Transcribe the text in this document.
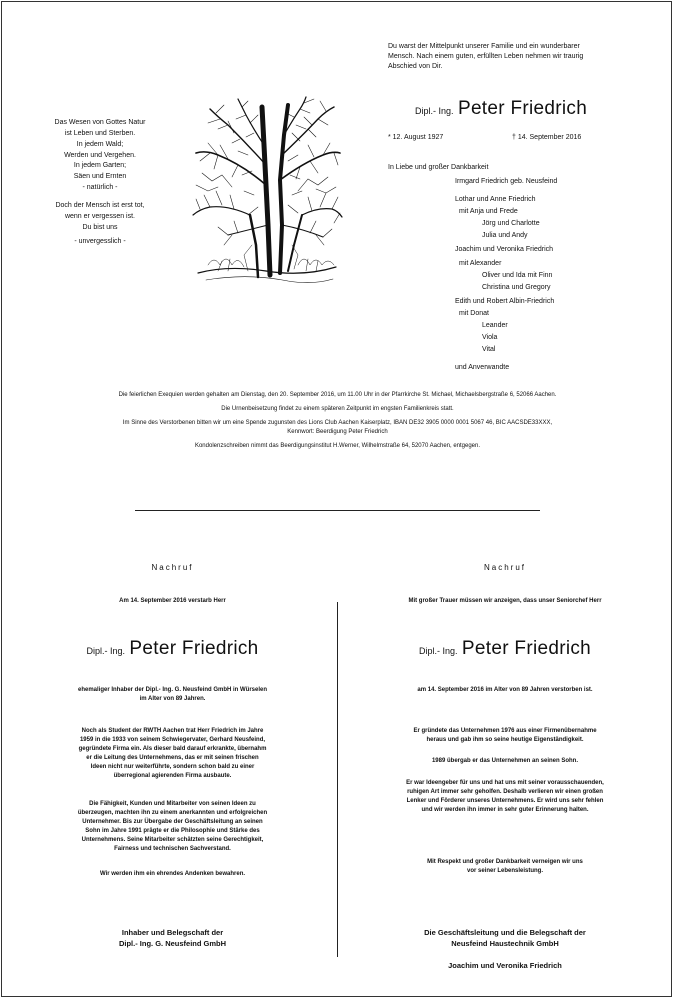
Du warst der Mittelpunkt unserer Familie und ein wunderbarer
Mensch. Nach einem guten, erfüllten Leben nehmen wir traurig
Abschied von Dir.
Das Wesen von Gottes Natur
ist Leben und Sterben.
In jedem Wald;
Werden und Vergehen.
In jedem Garten;
Säen und Ernten
- natürlich -
Doch der Mensch ist erst tot,
wenn er vergessen ist.
Du bist uns
- unvergesslich -
Dipl.- Ing. Peter Friedrich
* 12. August 1927	† 14. September 2016
In Liebe und großer Dankbarkeit
Irmgard Friedrich geb. Neusfeind
Lothar und Anne Friedrich
mit Anja und Frede
Jörg und Charlotte
Julia und Andy
Joachim und Veronika Friedrich
mit Alexander
Oliver und Ida mit Finn
Christina und Gregory
Edith und Robert Albin-Friedrich
mit Donat
Leander
Viola
Vital
und Anverwandte
Die feierlichen Exequien werden gehalten am Dienstag, den 20. September 2016, um 11.00 Uhr in der Pfarrkirche St. Michael, Michaelsbergstraße 6, 52066 Aachen.
Die Urnenbeisetzung findet zu einem späteren Zeitpunkt im engsten Familienkreis statt.
Im Sinne des Verstorbenen bitten wir um eine Spende zugunsten des Lions Club Aachen Kaiserplatz, IBAN DE32 3905 0000 0001 5067 46, BIC AACSDE33XXX,
Kennwort: Beerdigung Peter Friedrich
Kondolenzschreiben nimmt das Beerdigungsinstitut H.Werner, Wilhelmstraße 64, 52070 Aachen, entgegen.
Nachruf
Am 14. September 2016 verstarb Herr
Dipl.- Ing. Peter Friedrich
ehemaliger Inhaber der Dipl.- Ing. G. Neusfeind GmbH in Würselen
im Alter von 89 Jahren.
Noch als Student der RWTH Aachen trat Herr Friedrich im Jahre
1959 in die 1933 von seinem Schwiegervater, Gerhard Neusfeind,
gegründete Firma ein. Als dieser bald darauf erkrankte, übernahm
er die Leitung des Unternehmens, das er mit seinen frischen
Ideen nicht nur weiterführte, sondern schon bald zu einer
überregional agierenden Firma ausbaute.
Die Fähigkeit, Kunden und Mitarbeiter von seinen Ideen zu
überzeugen, machten ihn zu einem anerkannten und erfolgreichen
Unternehmer. Bis zur Übergabe der Geschäftsleitung an seinen
Sohn im Jahre 1991 prägte er die Philosophie und Stärke des
Unternehmens. Seine Mitarbeiter schätzten seine Gerechtigkeit,
Fairness und technischen Sachverstand.
Wir werden ihm ein ehrendes Andenken bewahren.
Inhaber und Belegschaft der
Dipl.- Ing. G. Neusfeind GmbH
Nachruf
Mit großer Trauer müssen wir anzeigen, dass unser Seniorchef Herr
Dipl.- Ing. Peter Friedrich
am 14. September 2016 im Alter von 89 Jahren verstorben ist.
Er gründete das Unternehmen 1976 aus einer Firmenübernahme
heraus und gab ihm so seine heutige Eigenständigkeit.
1989 übergab er das Unternehmen an seinen Sohn.
Er war Ideengeber für uns und hat uns mit seiner vorausschauenden,
ruhigen Art immer sehr geholfen. Deshalb verlieren wir einen großen
Lenker und Förderer unseres Unternehmens. Er wird uns sehr fehlen
und wir werden ihn immer in sehr guter Erinnerung halten.
Mit Respekt und großer Dankbarkeit verneigen wir uns
vor seiner Lebensleistung.
Die Geschäftsleitung und die Belegschaft der
Neusfeind Haustechnik GmbH
Joachim und Veronika Friedrich
